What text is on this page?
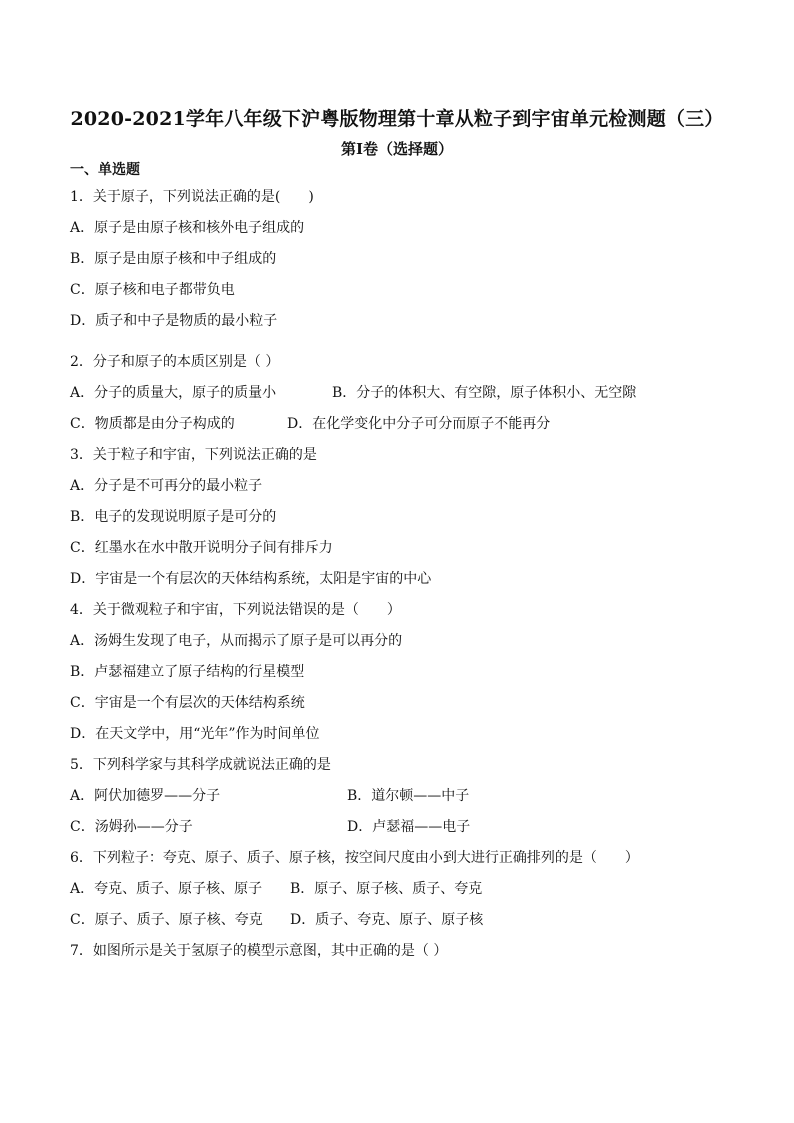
2020-2021学年八年级下沪粤版物理第十章从粒子到宇宙单元检测题（三）
第I卷（选择题）
一、单选题
1．关于原子，下列说法正确的是(　　)
A．原子是由原子核和核外电子组成的
B．原子是由原子核和中子组成的
C．原子核和电子都带负电
D．质子和中子是物质的最小粒子
2．分子和原子的本质区别是（ ）
A．分子的质量大，原子的质量小	B．分子的体积大、有空隙，原子体积小、无空隙
C．物质都是由分子构成的	D．在化学变化中分子可分而原子不能再分
3．关于粒子和宇宙，下列说法正确的是
A．分子是不可再分的最小粒子
B．电子的发现说明原子是可分的
C．红墨水在水中散开说明分子间有排斥力
D．宇宙是一个有层次的天体结构系统，太阳是宇宙的中心
4．关于微观粒子和宇宙，下列说法错误的是（　　）
A．汤姆生发现了电子，从而揭示了原子是可以再分的
B．卢瑟福建立了原子结构的行星模型
C．宇宙是一个有层次的天体结构系统
D．在天文学中，用“光年”作为时间单位
5．下列科学家与其科学成就说法正确的是
A．阿伏加德罗——分子	B．道尔顿——中子
C．汤姆孙——分子	D．卢瑟福——电子
6．下列粒子：夸克、原子、质子、原子核，按空间尺度由小到大进行正确排列的是（　　）
A．夸克、质子、原子核、原子	B．原子、原子核、质子、夸克
C．原子、质子、原子核、夸克	D．质子、夸克、原子、原子核
7．如图所示是关于氢原子的模型示意图，其中正确的是（ ）
